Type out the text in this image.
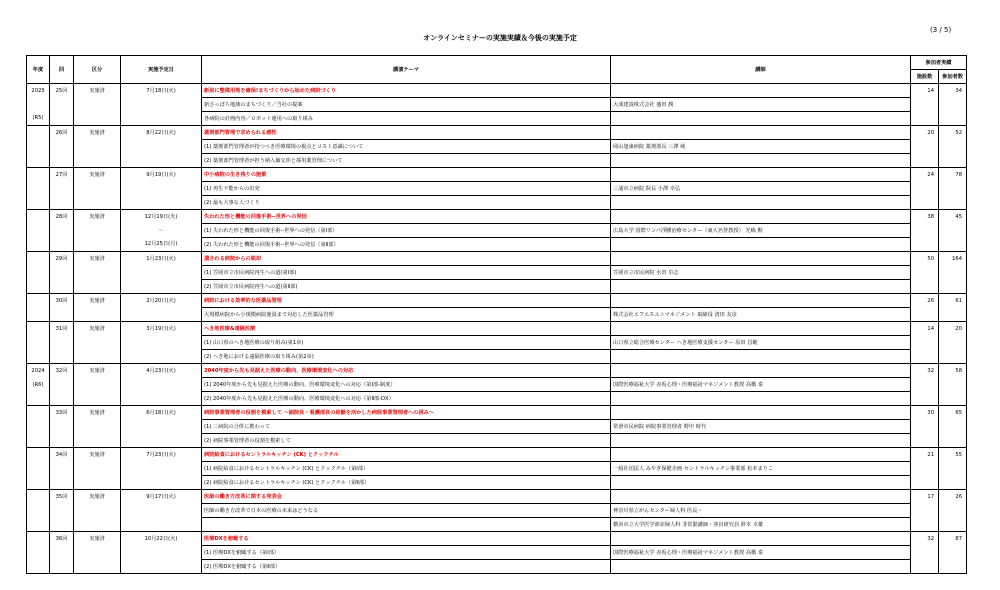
(3 / 5)
オンラインセミナーの実施実績＆今後の実施予定
年度	回	区分	実施予定日	講演テーマ	講師	参加者実績	
						施設数	参加者数
2023	25回	実施済	7月18日(火)	新前に整備用地を確保!まちづくりから始めた病院づくり		14	34
				新さっぽろ地域のまちづくり／当社の提案	大成建設株式会社 盛田 潤		
(R5)				各病院の計画内容／ロボット運用への取り組み			
	26回	実施済	8月22日(火)	薬剤部門管理で求められる感性		20	52
				(1) 薬剤部門管理者が持つべき医療環境の視点とコスト意識について	岡山旭東病院 薬剤部長 三澤 純		
				(2) 薬剤部門管理者が担う納入価交渉と採用薬管理について			
	27回	実施済	9月19日(火)	中小病院の生き残りの施策		24	78
				(1) 再生不能からの出発	三浦市立病院 院長 小澤 幸弘		
				(2) 最も大事な人づくり			
	28回	実施済	12月19日(火)	失われた形と機能の回復手術--世界への発信		38	45
			〜	(1) 失われた形と機能の回復手術--世界への発信（第Ⅰ部）	広島大学 国際リンパ浮腫治療センター（東大名誉教授） 光嶋 勲		
			12月25日(月)	(2) 失われた形と機能の回復手術--世界への発信（第Ⅱ部）			
	29回	実施済	1月23日(火)	潰される病院からの脱却		50	164
				(1) 笠岡市立市民病院再生への道(第Ⅰ部)	笠岡市立市民病院 水田 卓志		
				(2) 笠岡市立市民病院再生への道(第Ⅱ部)			
	30回	実施済	2月20日(火)	病院における効率的な医薬品管理		26	61
				大規模病院から小規模病院施設まで対応した医薬品管理	株式会社エフエスユニマネジメント 取締役 清田 友彦		
	31回	実施済	3月19日(火)	へき地医療&遠隔医療		14	20
				(1) 山口県のへき地医療の取り組み(第1章)	山口県立総合医療センター へき地医療支援センター 原田 昌範		
				(2) へき地における遠隔医療の取り組み(第2章)			
2024	32回	実施済	4月23日(火)	2040年度から先も見据えた医療の動向、医療環境変化への対応		32	58
(R6)				(1) 2040年度から先も見据えた医療の動向、医療環境変化への対応（第Ⅰ部-制度）	国際医療福祉大学 赤坂心理・医療福祉マネジメント教授 高橋 泰		
				(2) 2040年度から先も見据えた医療の動向、医療環境変化への対応（第Ⅱ部-DX）			
	33回	実施済	6月18日(火)	病院事業管理者の役割を模索して 〜副院長・看護部長の経験を活かした病院事業管理者への挑み〜		30	65
				(1) 三病院の合併に携わって	常滑市民病院 病院事業管理者 野中 時代		
				(2) 病院事業管理者の役割を模索して			
	34回	実施済	7月23日(火)	病院給食におけるセントラルキッチン (CK) とクックチル		21	55
				(1) 病院給食におけるセントラルキッチン (CK) とクックチル（第Ⅰ部）	一般社団法人 みやぎ保健企画 セントラルキッチン事業部 松本まりこ		
				(2) 病院給食におけるセントラルキッチン (CK) とクックチル（第Ⅱ部）			
	35回	実施済	9月17日(火)	医師の働き方改革に関する発表会		17	26
				医師の働き方改革で日本の医療の未来はどうなる	神奈川県立がんセンター婦人科 医長・		
					横浜市立大学医学部産婦人科 非常勤講師・客員研究員 鈴木 幸雄		
	36回	実施済	10月22日(火)	医療DXを俯瞰する		32	87
				(1) 医療DXを俯瞰する（第Ⅰ部）	国際医療福祉大学 赤坂心理・医療福祉マネジメント教授 高橋 泰		
				(2) 医療DXを俯瞰する（第Ⅱ部）			
